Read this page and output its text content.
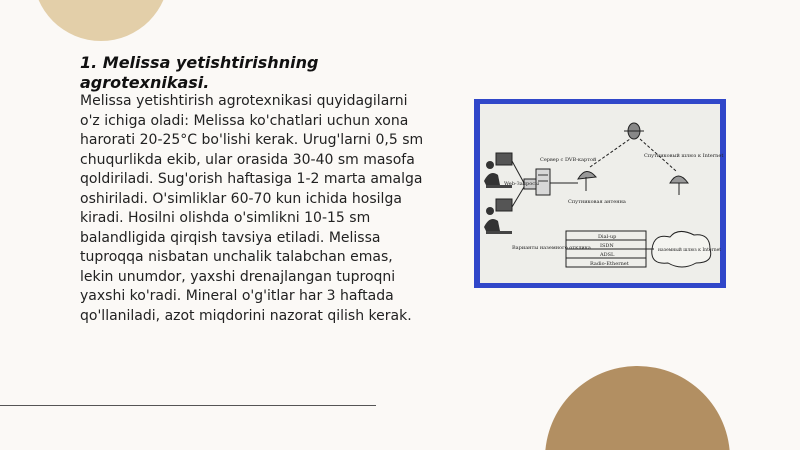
1. Melissa yetishtirishning agrotexnikasi.

Melissa yetishtirish agrotexnikasi quyidagilarni o'z ichiga oladi: Melissa ko'chatlari uchun xona harorati 20-25°C bo'lishi kerak. Urug'larni 0,5 sm chuqurlikda ekib, ular orasida 30-40 sm masofa qoldiriladi. Sug'orish haftasiga 1-2 marta amalga oshiriladi. O'simliklar 60-70 kun ichida hosilga kiradi. Hosilni olishda o'simlikni 10-15 sm balandligida qirqish tavsiya etiladi. Melissa tuproqqa nisbatan unchalik talabchan emas, lekin unumdor, yaxshi drenajlangan tuproqni yaxshi ko'radi. Mineral o'g'itlar har 3 haftada qo'llaniladi, azot miqdorini nazorat qilish kerak.

Сервер с DVB-картой
Web-Запросы
Спутниковая антенна
Спутниковый шлюз к Internet
Варианты наземного отклика
Dial-up
ISDN
ADSL
Radio-Ethernet
наземный шлюз к Internet
